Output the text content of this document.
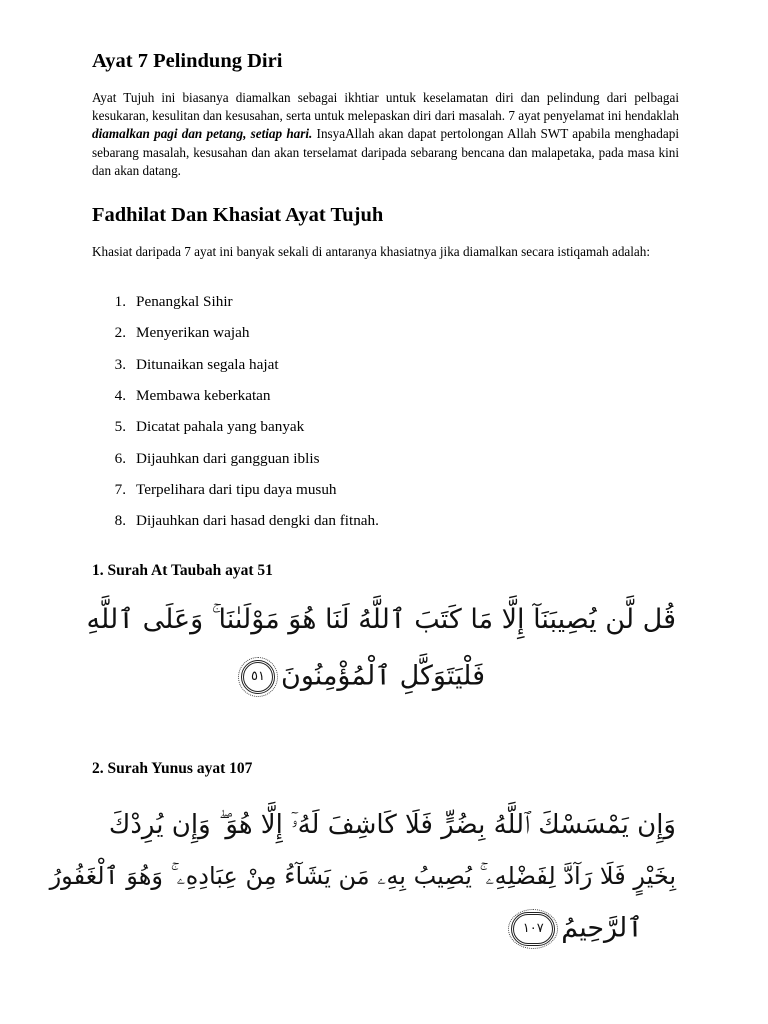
Ayat 7 Pelindung Diri

Ayat Tujuh ini biasanya diamalkan sebagai ikhtiar untuk keselamatan diri dan pelindung dari pelbagai kesukaran, kesulitan dan kesusahan, serta untuk melepaskan diri dari masalah. 7 ayat penyelamat ini hendaklah diamalkan pagi dan petang, setiap hari. InsyaAllah akan dapat pertolongan Allah SWT apabila menghadapi sebarang masalah, kesusahan dan akan terselamat daripada sebarang bencana dan malapetaka, pada masa kini dan akan datang.

Fadhilat Dan Khasiat Ayat Tujuh

Khasiat daripada 7 ayat ini banyak sekali di antaranya khasiatnya jika diamalkan secara istiqamah adalah:

1. Penangkal Sihir
2. Menyerikan wajah
3. Ditunaikan segala hajat
4. Membawa keberkatan
5. Dicatat pahala yang banyak
6. Dijauhkan dari gangguan iblis
7. Terpelihara dari tipu daya musuh
8. Dijauhkan dari hasad dengki dan fitnah.
1. Surah At Taubah ayat 51

قُل لَّن يُصِيبَنَآ إِلَّا مَا كَتَبَ ٱللَّهُ لَنَا هُوَ مَوْلَىٰنَا ۚ وَعَلَى ٱللَّهِ

فَلْيَتَوَكَّلِ ٱلْمُؤْمِنُونَ٥١

2. Surah Yunus ayat 107

وَإِن يَمْسَسْكَ ٱللَّهُ بِضُرٍّ فَلَا كَاشِفَ لَهُۥٓ إِلَّا هُوَ ۖ وَإِن يُرِدْكَ

بِخَيْرٍ فَلَا رَآدَّ لِفَضْلِهِۦ ۚ يُصِيبُ بِهِۦ مَن يَشَآءُ مِنْ عِبَادِهِۦ ۚ وَهُوَ ٱلْغَفُورُ

ٱلرَّحِيمُ١٠٧
